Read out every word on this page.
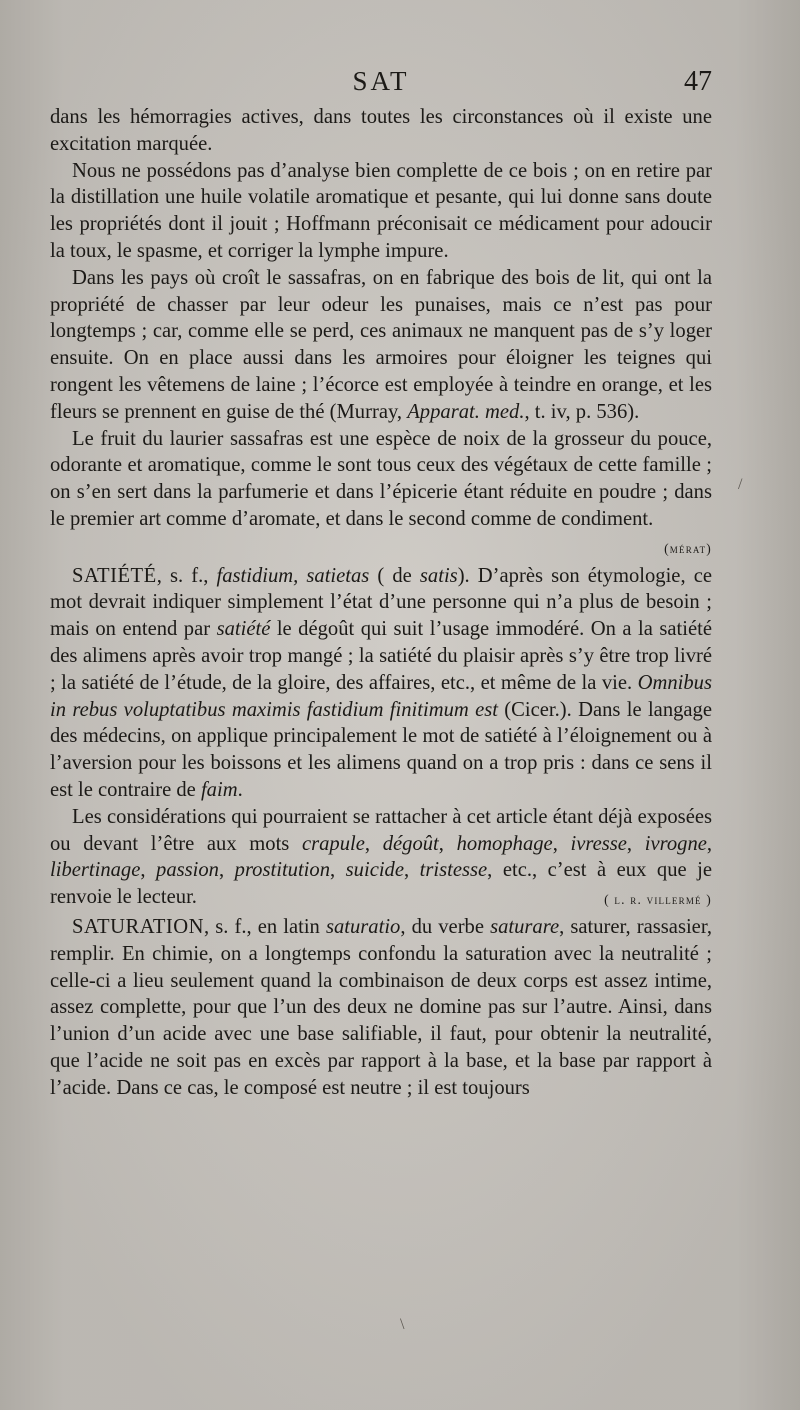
SAT	47

dans les hémorragies actives, dans toutes les circonstances où il existe une excitation marquée.

Nous ne possédons pas d’analyse bien complette de ce bois ; on en retire par la distillation une huile volatile aromatique et pesante, qui lui donne sans doute les propriétés dont il jouit ; Hoffmann préconisait ce médicament pour adoucir la toux, le spasme, et corriger la lymphe impure.

Dans les pays où croît le sassafras, on en fabrique des bois de lit, qui ont la propriété de chasser par leur odeur les punaises, mais ce n’est pas pour longtemps ; car, comme elle se perd, ces animaux ne manquent pas de s’y loger ensuite. On en place aussi dans les armoires pour éloigner les teignes qui rongent les vêtemens de laine ; l’écorce est employée à teindre en orange, et les fleurs se prennent en guise de thé (Murray, Apparat. med., t. iv, p. 536).

Le fruit du laurier sassafras est une espèce de noix de la grosseur du pouce, odorante et aromatique, comme le sont tous ceux des végétaux de cette famille ; on s’en sert dans la parfumerie et dans l’épicerie étant réduite en poudre ; dans le premier art comme d’aromate, et dans le second comme de condiment.
(mérat)

SATIÉTÉ, s. f., fastidium, satietas ( de satis). D’après son étymologie, ce mot devrait indiquer simplement l’état d’une personne qui n’a plus de besoin ; mais on entend par satiété le dégoût qui suit l’usage immodéré. On a la satiété des alimens après avoir trop mangé ; la satiété du plaisir après s’y être trop livré ; la satiété de l’étude, de la gloire, des affaires, etc., et même de la vie. Omnibus in rebus voluptatibus maximis fastidium finitimum est (Cicer.). Dans le langage des médecins, on applique principalement le mot de satiété à l’éloignement ou à l’aversion pour les boissons et les alimens quand on a trop pris : dans ce sens il est le contraire de faim.

Les considérations qui pourraient se rattacher à cet article étant déjà exposées ou devant l’être aux mots crapule, dégoût, homophage, ivresse, ivrogne, libertinage, passion, prostitution, suicide, tristesse, etc., c’est à eux que je renvoie le lecteur.	( l. r. villermé )

SATURATION, s. f., en latin saturatio, du verbe saturare, saturer, rassasier, remplir. En chimie, on a longtemps confondu la saturation avec la neutralité ; celle-ci a lieu seulement quand la combinaison de deux corps est assez intime, assez complette, pour que l’un des deux ne domine pas sur l’autre. Ainsi, dans l’union d’un acide avec une base salifiable, il faut, pour obtenir la neutralité, que l’acide ne soit pas en excès par rapport à la base, et la base par rapport à l’acide. Dans ce cas, le composé est neutre ; il est toujours

/
\
